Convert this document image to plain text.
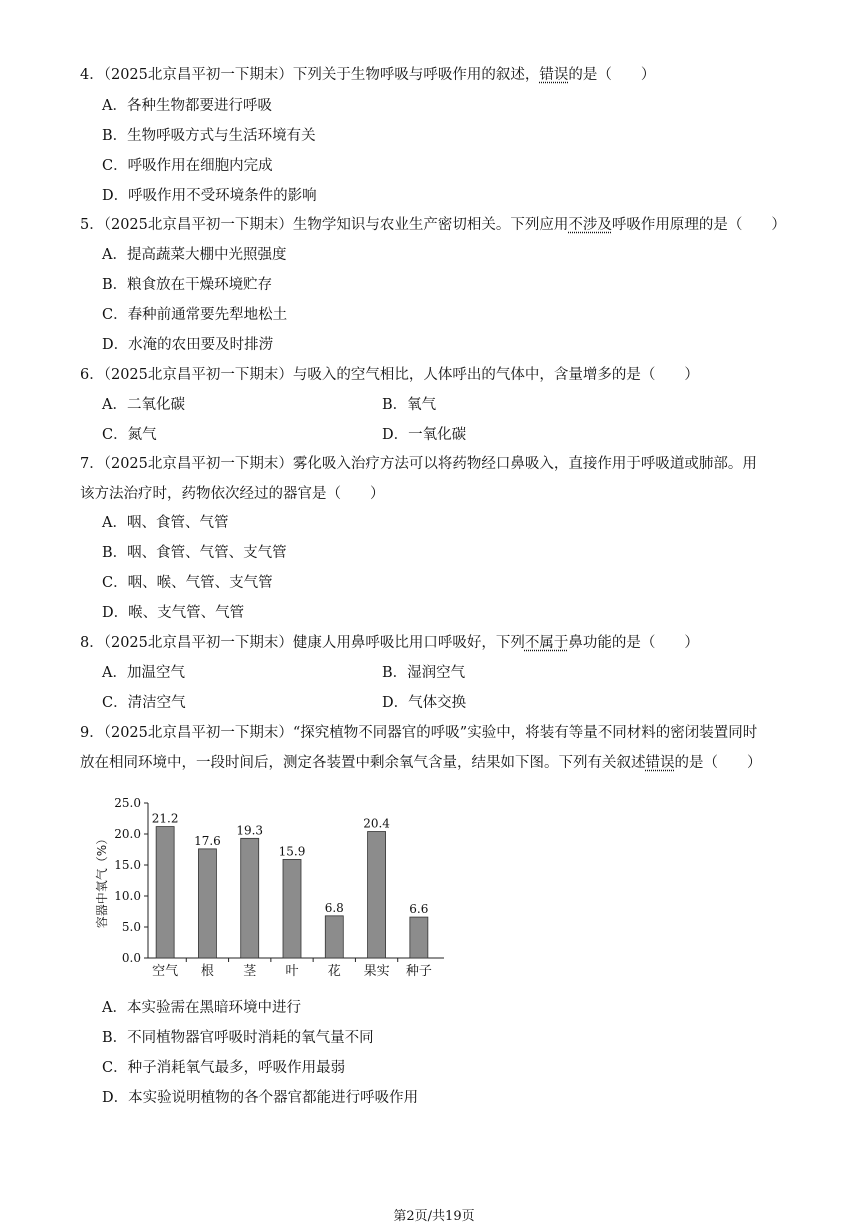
4．（2025北京昌平初一下期末）下列关于生物呼吸与呼吸作用的叙述，错误的是（　　）
A．各种生物都要进行呼吸
B．生物呼吸方式与生活环境有关
C．呼吸作用在细胞内完成
D．呼吸作用不受环境条件的影响
5．（2025北京昌平初一下期末）生物学知识与农业生产密切相关。下列应用不涉及呼吸作用原理的是（　　）
A．提高蔬菜大棚中光照强度
B．粮食放在干燥环境贮存
C．春种前通常要先犁地松土
D．水淹的农田要及时排涝
6．（2025北京昌平初一下期末）与吸入的空气相比，人体呼出的气体中，含量增多的是（　　）
A．二氧化碳	B．氧气
C．氮气	D．一氧化碳
7．（2025北京昌平初一下期末）雾化吸入治疗方法可以将药物经口鼻吸入，直接作用于呼吸道或肺部。用
该方法治疗时，药物依次经过的器官是（　　）
A．咽、食管、气管
B．咽、食管、气管、支气管
C．咽、喉、气管、支气管
D．喉、支气管、气管
8．（2025北京昌平初一下期末）健康人用鼻呼吸比用口呼吸好，下列不属于鼻功能的是（　　）
A．加温空气	B．湿润空气
C．清洁空气	D．气体交换
9．（2025北京昌平初一下期末）“探究植物不同器官的呼吸”实验中，将装有等量不同材料的密闭装置同时
放在相同环境中，一段时间后，测定各装置中剩余氧气含量，结果如下图。下列有关叙述错误的是（　　）
0.0
5.0
10.0
15.0
20.0
25.0
容器中氧气（%）
21.2
空气
17.6
根
19.3
茎
15.9
叶
6.8
花
20.4
果实
6.6
种子
A．本实验需在黑暗环境中进行
B．不同植物器官呼吸时消耗的氧气量不同
C．种子消耗氧气最多，呼吸作用最弱
D．本实验说明植物的各个器官都能进行呼吸作用
第2页/共19页
